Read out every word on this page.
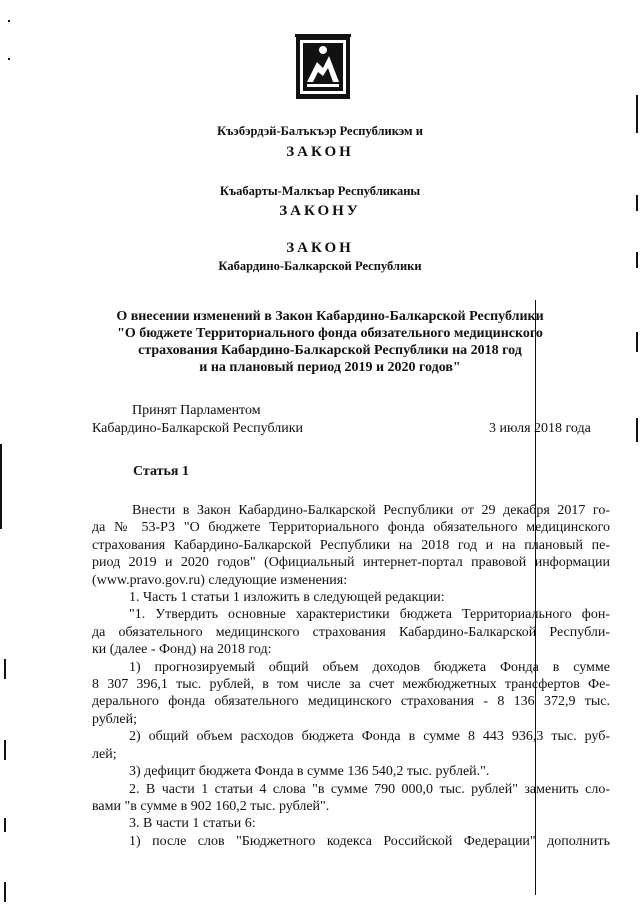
Къэбэрдэй-Балъкъэр Республикэм и
ЗАКОН
Къабарты-Малкъар Республиканы
ЗАКОНУ
ЗАКОН
Кабардино-Балкарской Республики
О внесении изменений в Закон Кабардино-Балкарской Республики
"О бюджете Территориального фонда обязательного медицинского
страхования Кабардино-Балкарской Республики на 2018 год
и на плановый период 2019 и 2020 годов"
Принят Парламентом
Кабардино-Балкарской Республики	3 июля 2018 года
Статья 1

Внести в Закон Кабардино-Балкарской Республики от 29 декабря 2017 го-

да № 53-РЗ "О бюджете Территориального фонда обязательного медицинского

страхования Кабардино-Балкарской Республики на 2018 год и на плановый пе-

риод 2019 и 2020 годов" (Официальный интернет-портал правовой информации

(www.pravo.gov.ru) следующие изменения:

1. Часть 1 статьи 1 изложить в следующей редакции:

"1. Утвердить основные характеристики бюджета Территориального фон-

да обязательного медицинского страхования Кабардино-Балкарской Республи-

ки (далее - Фонд) на 2018 год:

1) прогнозируемый общий объем доходов бюджета Фонда в сумме

8 307 396,1 тыс. рублей, в том числе за счет межбюджетных трансфертов Фе-

дерального фонда обязательного медицинского страхования - 8 136 372,9 тыс.

рублей;

2) общий объем расходов бюджета Фонда в сумме 8 443 936,3 тыс. руб-

лей;

3) дефицит бюджета Фонда в сумме 136 540,2 тыс. рублей.".

2. В части 1 статьи 4 слова "в сумме 790 000,0 тыс. рублей" заменить сло-

вами "в сумме в 902 160,2 тыс. рублей".

3. В части 1 статьи 6:

1) после слов "Бюджетного кодекса Российской Федерации" дополнить
